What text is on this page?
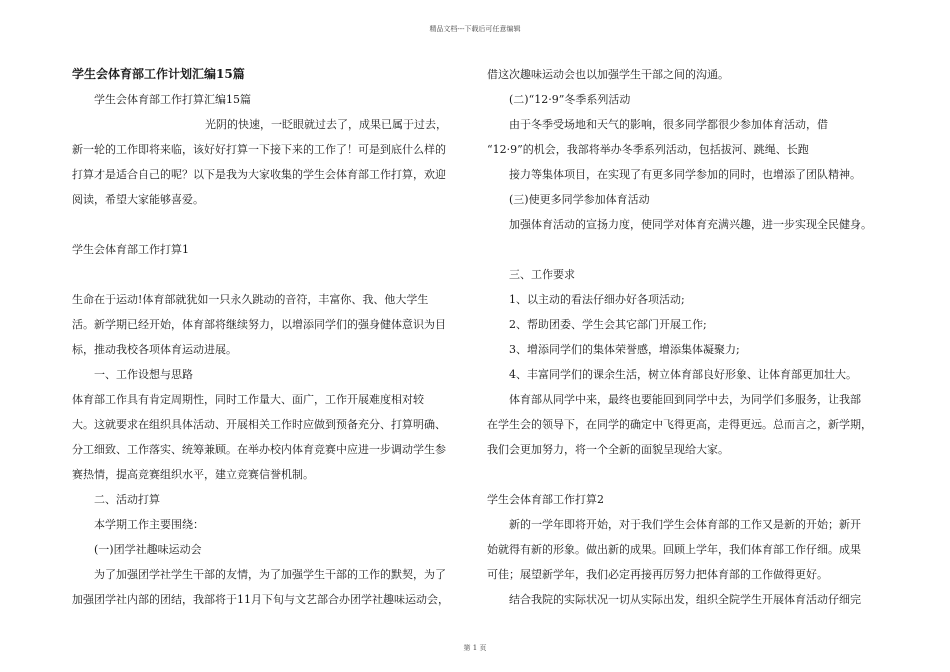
精品文档---下载后可任意编辑

学生会体育部工作计划汇编15篇

学生会体育部工作打算汇编15篇

光阴的快速，一眨眼就过去了，成果已属于过去，

新一轮的工作即将来临，该好好打算一下接下来的工作了！可是到底什么样的

打算才是适合自己的呢？以下是我为大家收集的学生会体育部工作打算，欢迎

阅读，希望大家能够喜爱。

学生会体育部工作打算1

生命在于运动!体育部就犹如一只永久跳动的音符，丰富你、我、他大学生

活。新学期已经开始，体育部将继续努力，以增添同学们的强身健体意识为目

标，推动我校各项体育运动进展。

一、工作设想与思路

体育部工作具有肯定周期性，同时工作量大、面广，工作开展难度相对较

大。这就要求在组织具体活动、开展相关工作时应做到预备充分、打算明确、

分工细致、工作落实、统筹兼顾。在举办校内体育竞赛中应进一步调动学生参

赛热情，提高竞赛组织水平，建立竞赛信誉机制。

二、活动打算

本学期工作主要围绕：

(一)团学社趣味运动会

为了加强团学社学生干部的友情，为了加强学生干部的工作的默契，为了

加强团学社内部的团结，我部将于11月下旬与文艺部合办团学社趣味运动会，

借这次趣味运动会也以加强学生干部之间的沟通。

(二)“12·9”冬季系列活动

由于冬季受场地和天气的影响，很多同学都很少参加体育活动，借

“12·9”的机会，我部将举办冬季系列活动，包括拔河、跳绳、长跑

接力等集体项目，在实现了有更多同学参加的同时，也增添了团队精神。

(三)使更多同学参加体育活动

加强体育活动的宣扬力度，使同学对体育充满兴趣，进一步实现全民健身。

三、工作要求

1、以主动的看法仔细办好各项活动;

2、帮助团委、学生会其它部门开展工作;

3、增添同学们的集体荣誉感，增添集体凝聚力;

4、丰富同学们的课余生活，树立体育部良好形象、让体育部更加壮大。

体育部从同学中来，最终也要能回到同学中去，为同学们多服务，让我部

在学生会的领导下，在同学的确定中飞得更高，走得更远。总而言之，新学期，

我们会更加努力，将一个全新的面貌呈现给大家。

学生会体育部工作打算2

新的一学年即将开始，对于我们学生会体育部的工作又是新的开始；新开

始就得有新的形象。做出新的成果。回顾上学年，我们体育部工作仔细。成果

可佳；展望新学年，我们必定再接再厉努力把体育部的工作做得更好。

结合我院的实际状况一切从实际出发，组织全院学生开展体育活动仔细完

第 1 页
